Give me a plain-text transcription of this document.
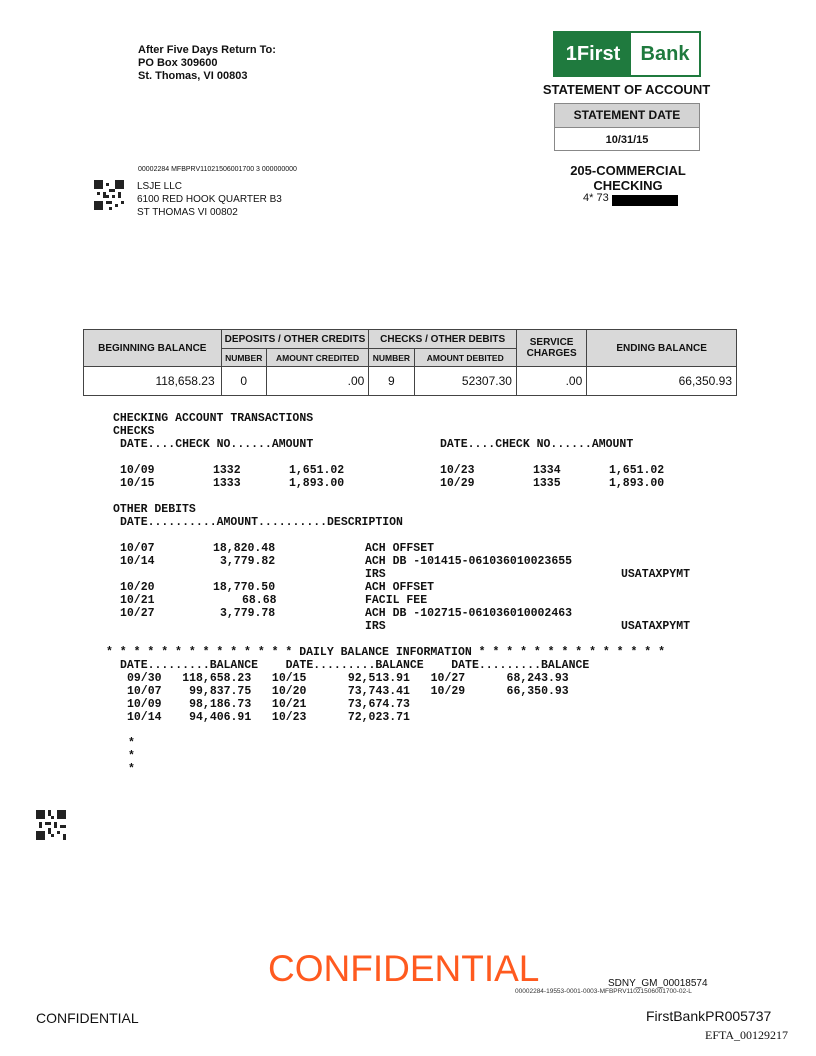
After Five Days Return To:
PO Box 309600
St. Thomas, VI 00803
1First	Bank
STATEMENT OF ACCOUNT
STATEMENT DATE
10/31/15
00002284 MFBPRV11021506001700 3 000000000	205-COMMERCIAL CHECKING
4* 73
LSJE LLC
6100 RED HOOK QUARTER B3
ST THOMAS VI 00802
BEGINNING BALANCE	DEPOSITS / OTHER CREDITS		CHECKS / OTHER DEBITS		SERVICE CHARGES	ENDING BALANCE
	NUMBER	AMOUNT CREDITED	NUMBER	AMOUNT DEBITED		
118,658.23	0	.00	9	52307.30	.00	66,350.93
CHECKING ACCOUNT TRANSACTIONS
CHECKS
DATE....CHECK NO......AMOUNT	DATE....CHECK NO......AMOUNT
10/09	1332	1,651.02	10/23	1334	1,651.02
10/15	1333	1,893.00	10/29	1335	1,893.00
OTHER DEBITS
DATE..........AMOUNT..........DESCRIPTION
10/07	18,820.48	ACH OFFSET
10/14	3,779.82	ACH DB -101415-061036010023655
IRS	USATAXPYMT
10/20	18,770.50	ACH OFFSET
10/21	68.68	FACIL FEE
10/27	3,779.78	ACH DB -102715-061036010002463
IRS	USATAXPYMT
* * * * * * * * * * * * * * DAILY BALANCE INFORMATION * * * * * * * * * * * * * *
DATE.........BALANCE    DATE.........BALANCE    DATE.........BALANCE
09/30   118,658.23   10/15      92,513.91   10/27      68,243.93
10/07    99,837.75   10/20      73,743.41   10/29      66,350.93
10/09    98,186.73   10/21      73,674.73
10/14    94,406.91   10/23      72,023.71
*
*
*
CONFIDENTIAL	SDNY_GM_00018574
00002284-19553-0001-0003-MFBPRV11021506001700-02-L
CONFIDENTIAL	FirstBankPR005737
EFTA_00129217
